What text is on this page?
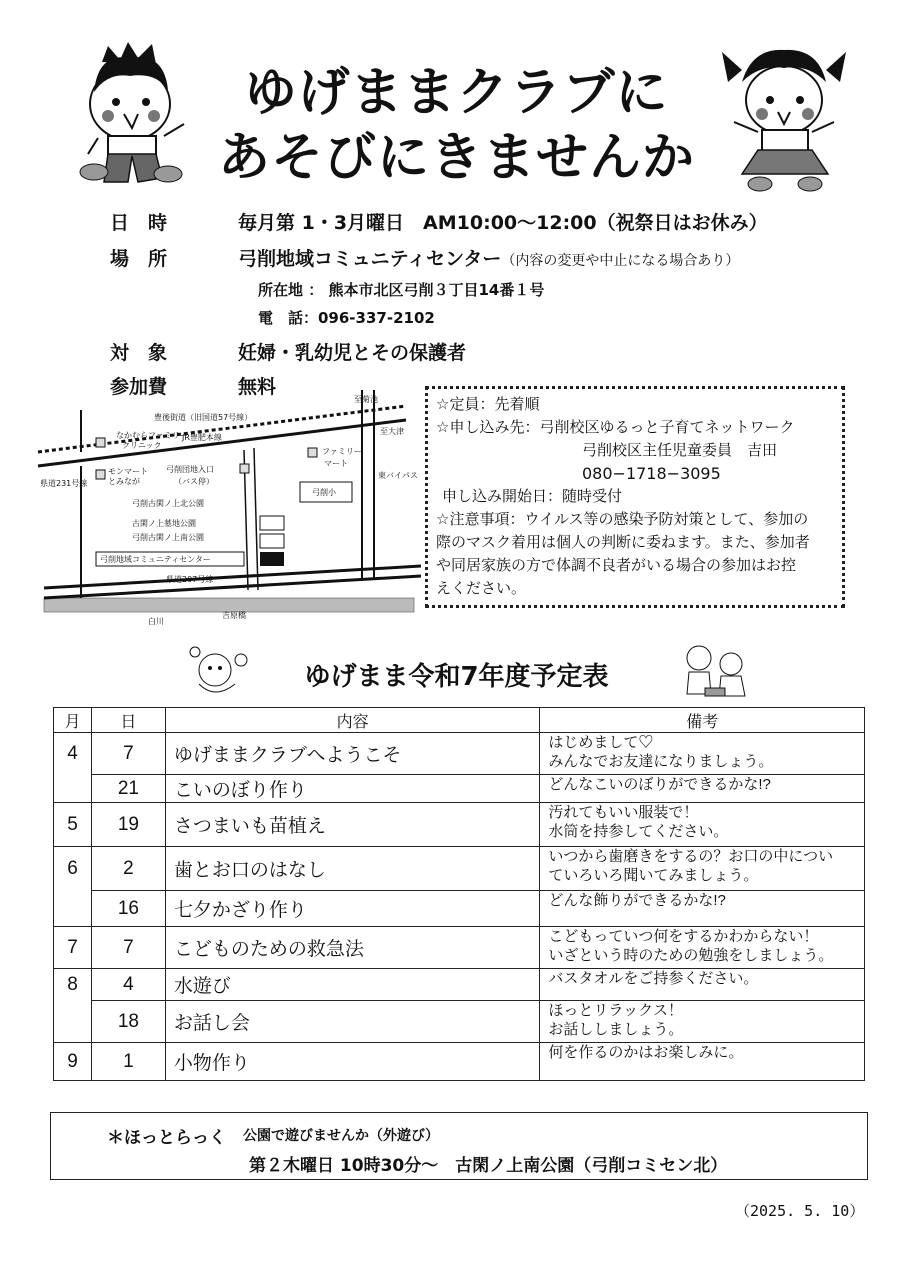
ゆげままクラブに
あそびにきませんか
日　時	毎月第 1・3月曜日　AM10:00〜12:00（祝祭日はお休み）
場　所	弓削地域コミュニティセンター（内容の変更や中止になる場合あり）
所在地 ： 熊本市北区弓削３丁目14番１号
電　話：096-337-2102
対　象	妊婦・乳幼児とその保護者
参加費	無料
豊後街道（旧国道57号線）
JR豊肥本線
なかむらファミリー
クリニック
モンマート
とみなが
弓削団地入口
（バス停）
ファミリー
マート
至菊池
至大津
東バイパス
弓削小
県道231号線
弓削古閑ノ上北公園
古閑ノ上墓地公園
弓削古閑ノ上南公園
弓削地域コミュニティセンター
県道207号線
白川
吉原橋
☆定員：先着順
☆申し込み先：弓削校区ゆるっと子育てネットワーク
弓削校区主任児童委員　吉田
080−1718−3095
申し込み開始日：随時受付
☆注意事項：ウイルス等の感染予防対策として、参加の
際のマスク着用は個人の判断に委ねます。また、参加者
や同居家族の方で体調不良者がいる場合の参加はお控
えください。
ゆげまま令和7年度予定表
月	日	内容	備考
4	7	ゆげままクラブへようこそ	はじめまして♡
みんなでお友達になりましょう。
	21	こいのぼり作り	どんなこいのぼりができるかな!?
5	19	さつまいも苗植え	汚れてもいい服装で！
水筒を持参してください。
6	2	歯とお口のはなし	いつから歯磨きをするの？お口の中につい
ていろいろ聞いてみましょう。
	16	七夕かざり作り	どんな飾りができるかな!?
7	7	こどものための救急法	こどもっていつ何をするかわからない！
いざという時のための勉強をしましょう。
8	4	水遊び	バスタオルをご持参ください。
	18	お話し会	ほっとリラックス！
お話ししましょう。
9	1	小物作り	何を作るのかはお楽しみに。
＊ほっとらっく 公園で遊びませんか（外遊び）
第２木曜日 10時30分〜　古閑ノ上南公園（弓削コミセン北）
（2025. 5. 10）
